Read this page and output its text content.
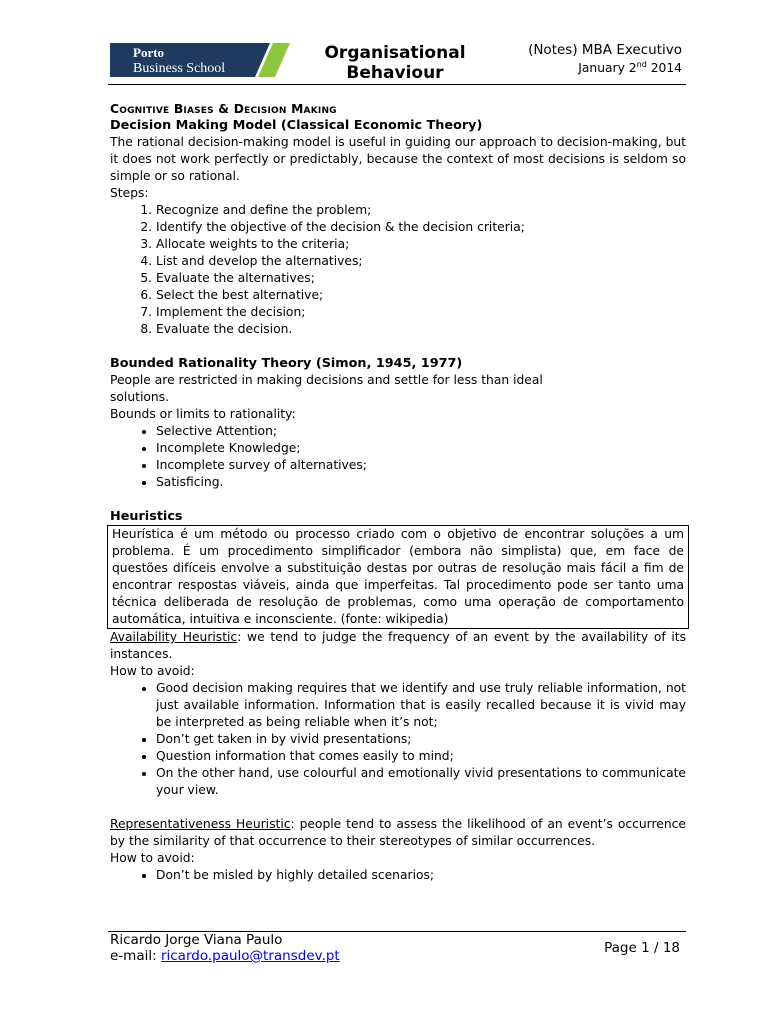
Porto
Business School
Organisational Behaviour
(Notes) MBA Executivo
January 2nd 2014
Cognitive Biases & Decision Making
Decision Making Model (Classical Economic Theory)
The rational decision-making model is useful in guiding our approach to decision-making, but it does not work perfectly or predictably, because the context of most decisions is seldom so simple or so rational.
Steps:
1. Recognize and define the problem;
2. Identify the objective of the decision & the decision criteria;
3. Allocate weights to the criteria;
4. List and develop the alternatives;
5. Evaluate the alternatives;
6. Select the best alternative;
7. Implement the decision;
8. Evaluate the decision.
Bounded Rationality Theory (Simon, 1945, 1977)
People are restricted in making decisions and settle for less than ideal solutions.
Bounds or limits to rationality:
• Selective Attention;
• Incomplete Knowledge;
• Incomplete survey of alternatives;
• Satisficing.
Heuristics
Heurística é um método ou processo criado com o objetivo de encontrar soluções a um problema. É um procedimento simplificador (embora não simplista) que, em face de questões difíceis envolve a substituição destas por outras de resolução mais fácil a fim de encontrar respostas viáveis, ainda que imperfeitas. Tal procedimento pode ser tanto uma técnica deliberada de resolução de problemas, como uma operação de comportamento automática, intuitiva e inconsciente. (fonte: wikipedia)
Availability Heuristic: we tend to judge the frequency of an event by the availability of its instances.
How to avoid:
• Good decision making requires that we identify and use truly reliable information, not just available information. Information that is easily recalled because it is vivid may be interpreted as being reliable when it’s not;
• Don’t get taken in by vivid presentations;
• Question information that comes easily to mind;
• On the other hand, use colourful and emotionally vivid presentations to communicate your view.
Representativeness Heuristic: people tend to assess the likelihood of an event’s occurrence by the similarity of that occurrence to their stereotypes of similar occurrences.
How to avoid:
• Don’t be misled by highly detailed scenarios;
Ricardo Jorge Viana Paulo
e-mail: ricardo.paulo@transdev.pt	Page 1 / 18
